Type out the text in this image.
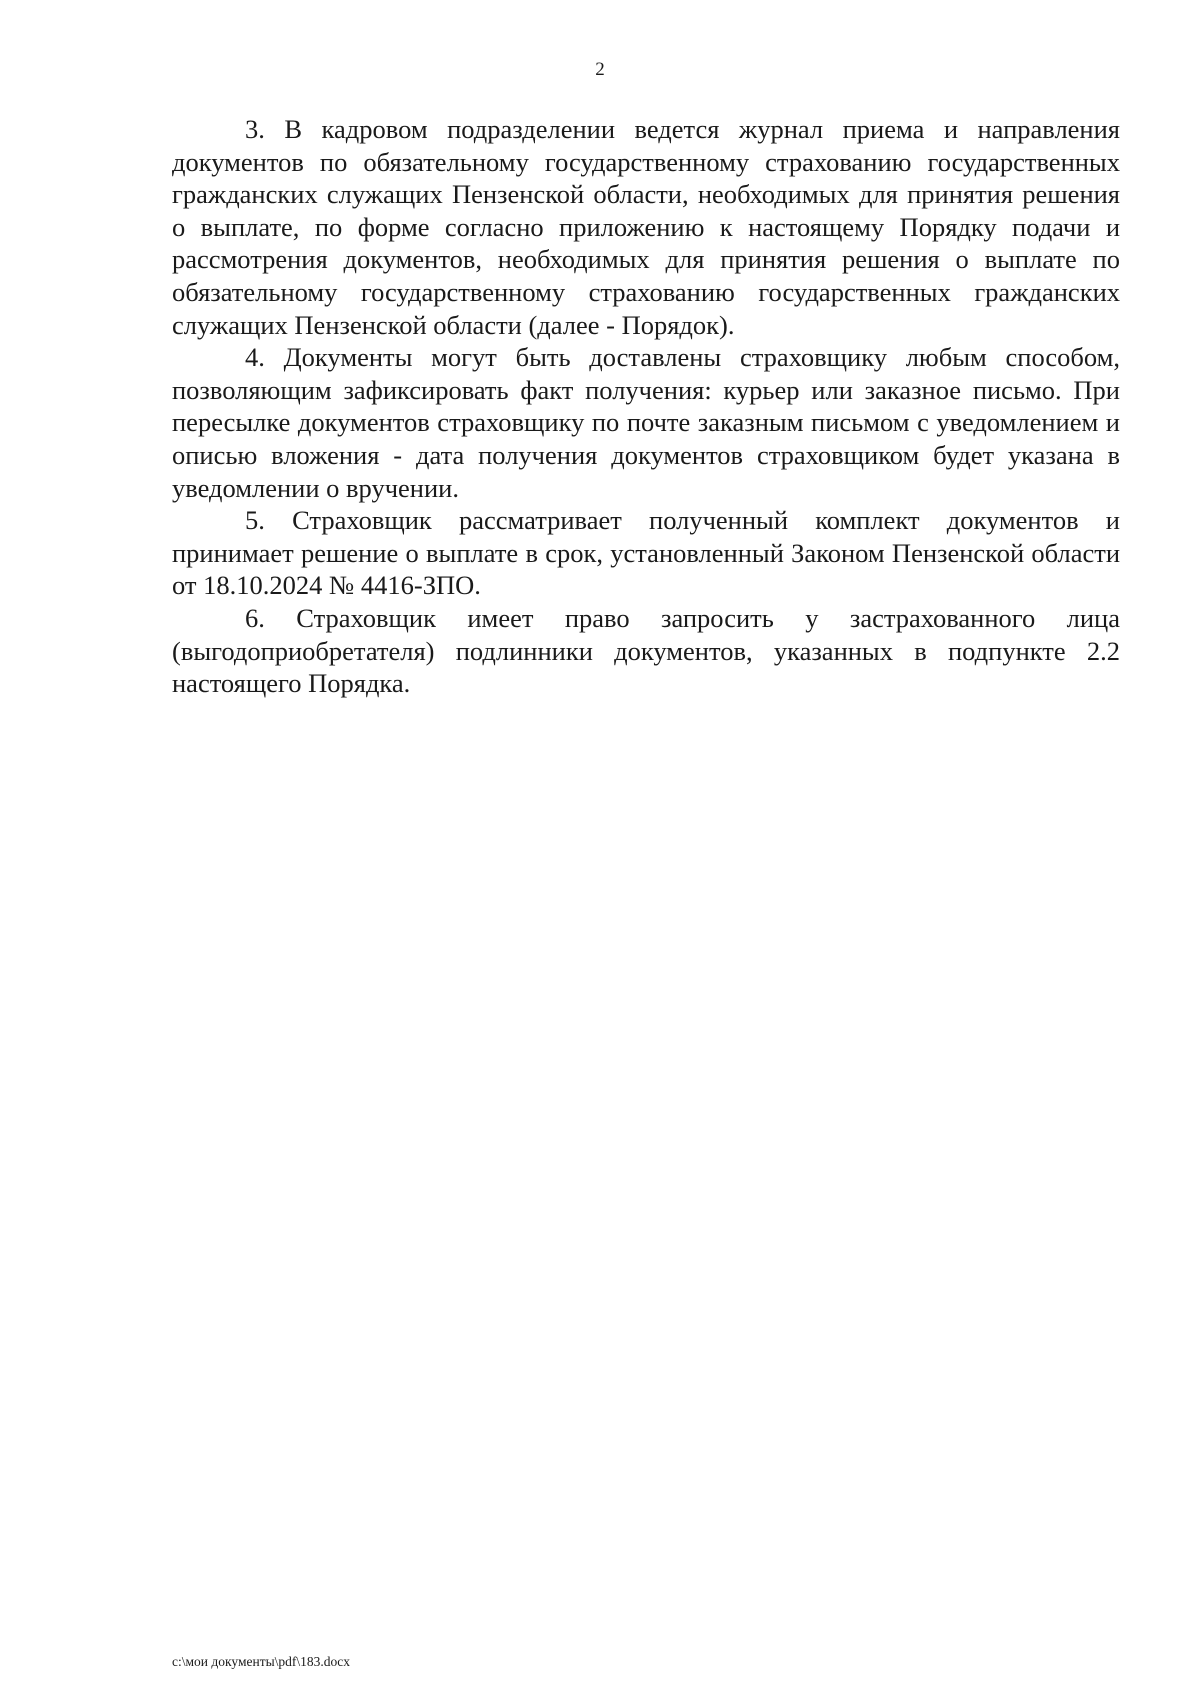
2

3. В кадровом подразделении ведется журнал приема и направления документов по обязательному государственному страхованию государственных гражданских служащих Пензенской области, необходимых для принятия решения о выплате, по форме согласно приложению к настоящему Порядку подачи и рассмотрения документов, необходимых для принятия решения о выплате по обязательному государственному страхованию государственных гражданских служащих Пензенской области (далее - Порядок).

4. Документы могут быть доставлены страховщику любым способом, позволяющим зафиксировать факт получения: курьер или заказное письмо. При пересылке документов страховщику по почте заказным письмом с уведомлением и описью вложения - дата получения документов страховщиком будет указана в уведомлении о вручении.

5. Страховщик рассматривает полученный комплект документов и принимает решение о выплате в срок, установленный Законом Пензенской области от 18.10.2024 № 4416-ЗПО.

6. Страховщик имеет право запросить у застрахованного лица (выгодоприобретателя) подлинники документов, указанных в подпункте 2.2 настоящего Порядка.

c:\мои документы\pdf\183.docx
